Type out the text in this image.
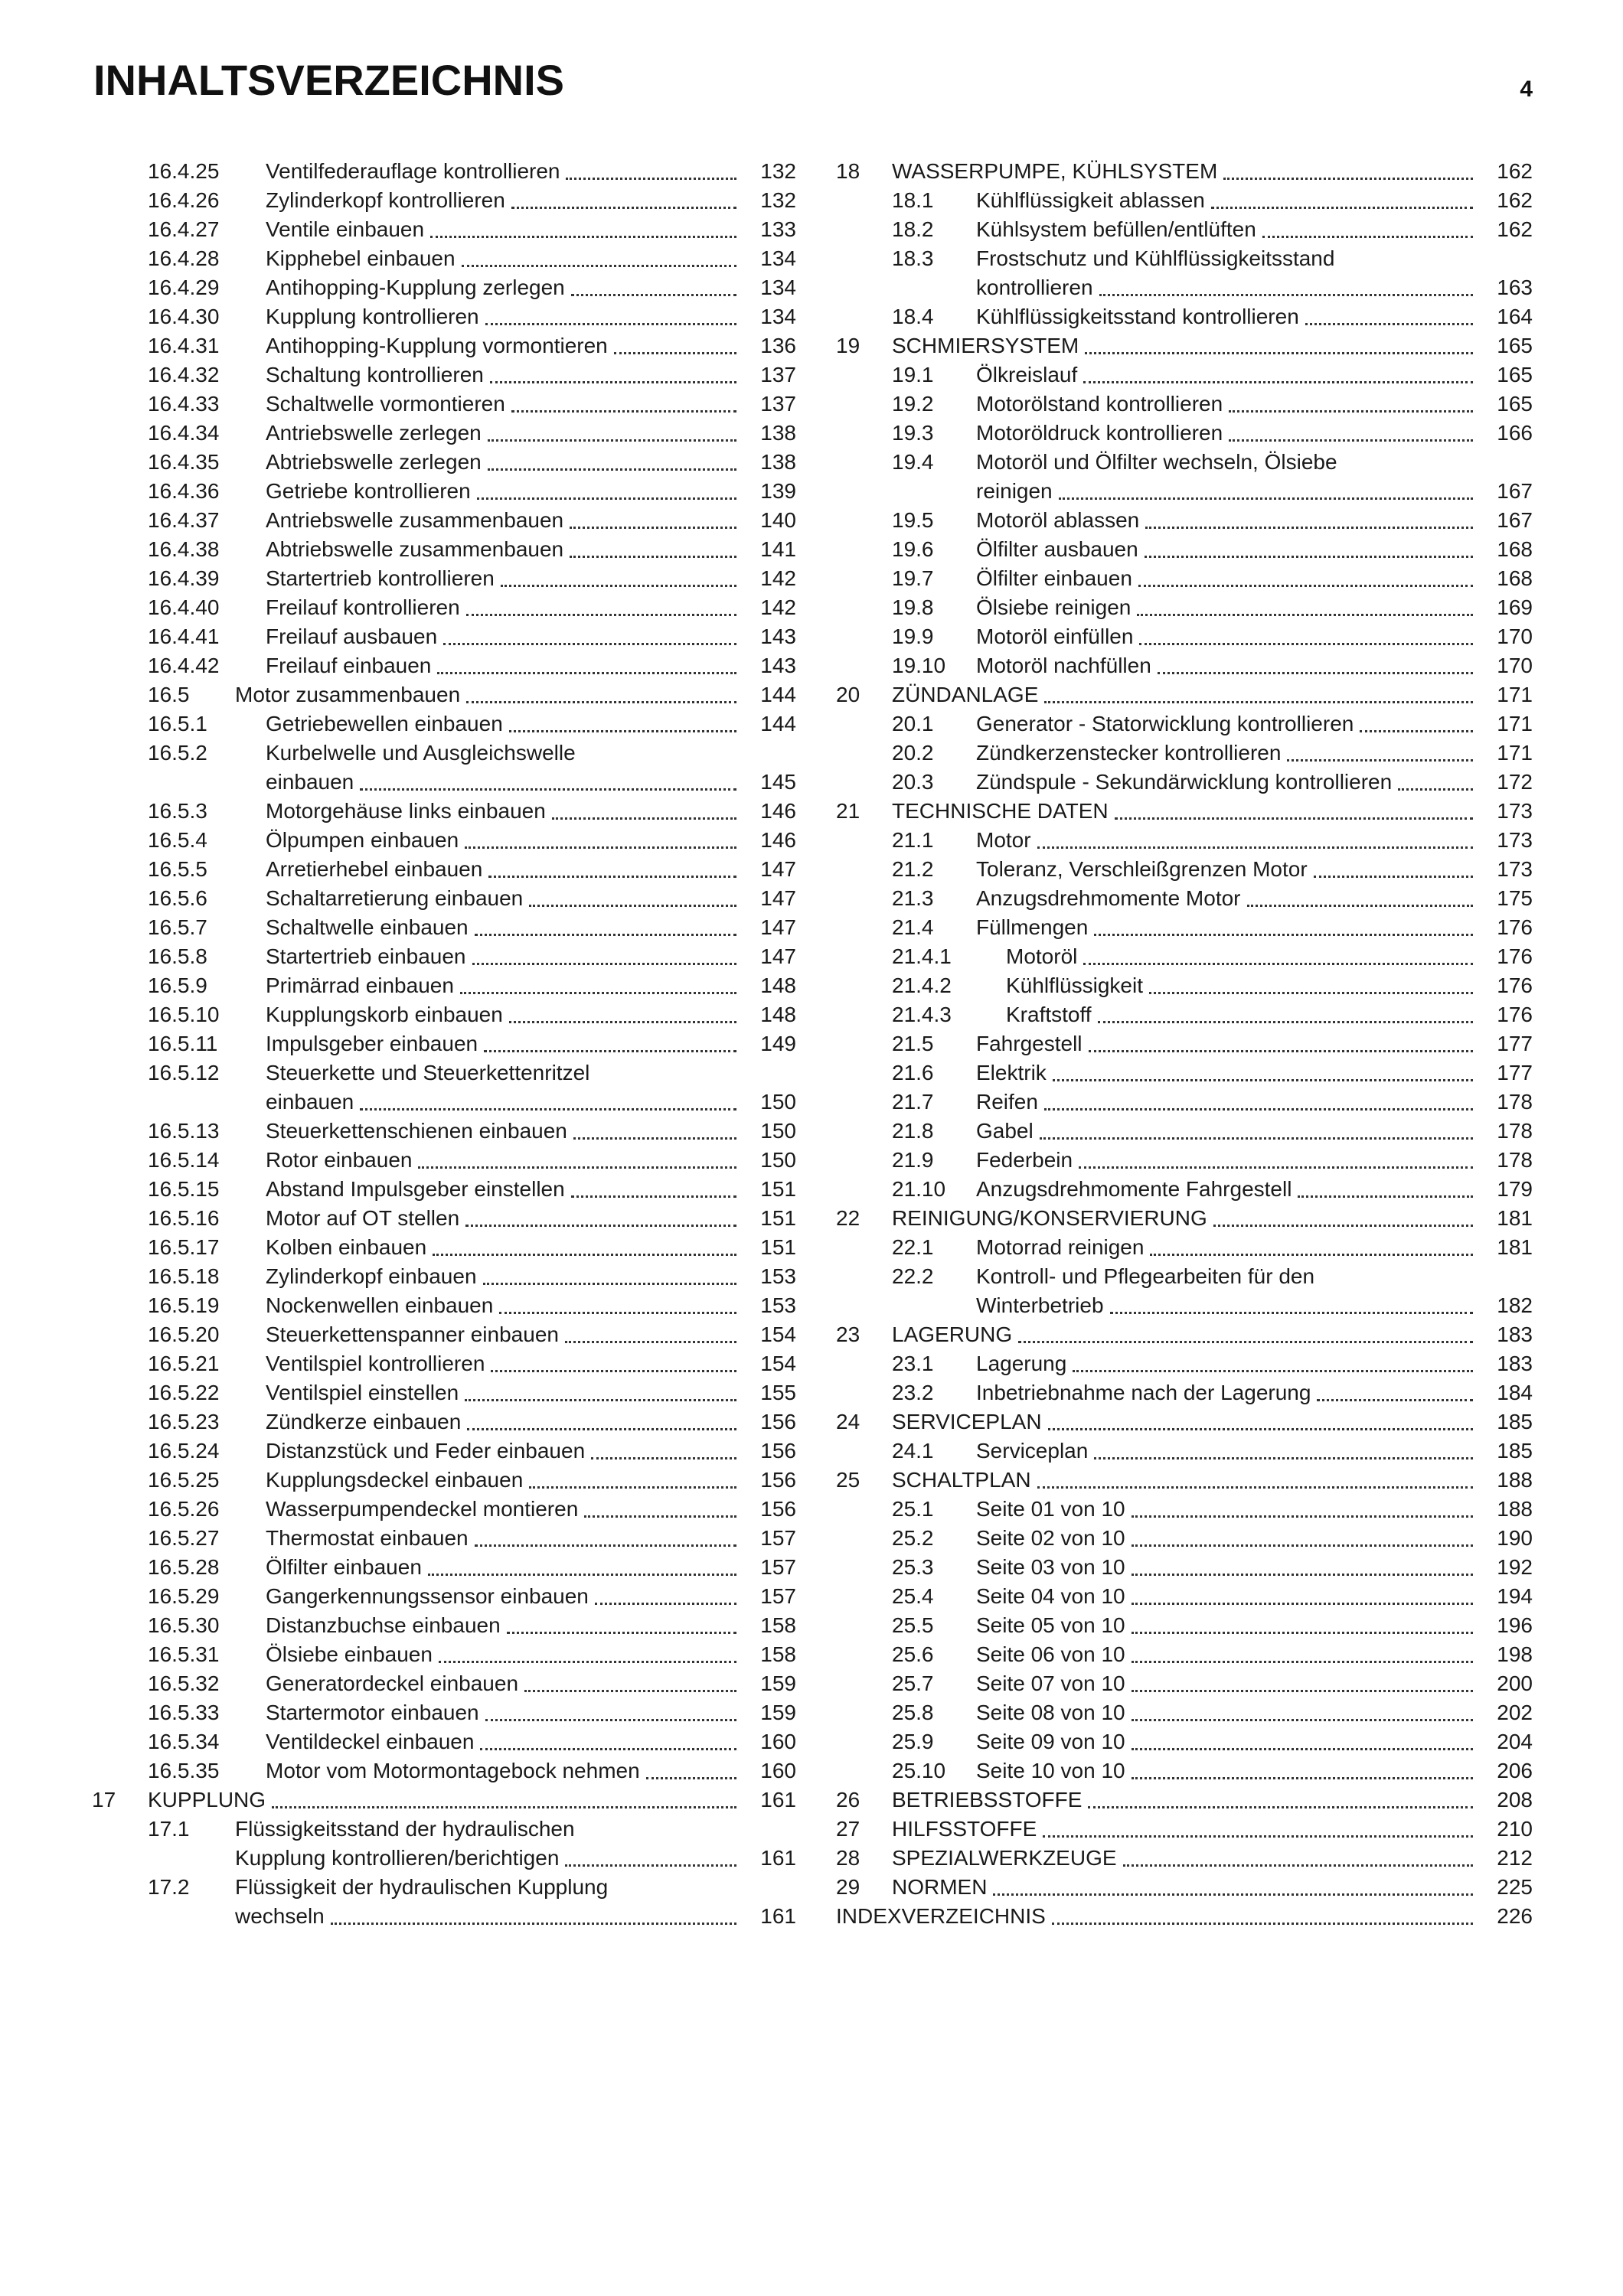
INHALTSVERZEICHNIS	4
16.4.25 Ventilfederauflage kontrollieren	132
16.4.26 Zylinderkopf kontrollieren	132
16.4.27 Ventile einbauen	133
16.4.28 Kipphebel einbauen	134
16.4.29 Antihopping-Kupplung zerlegen	134
16.4.30 Kupplung kontrollieren	134
16.4.31 Antihopping-Kupplung vormontieren	136
16.4.32 Schaltung kontrollieren	137
16.4.33 Schaltwelle vormontieren	137
16.4.34 Antriebswelle zerlegen	138
16.4.35 Abtriebswelle zerlegen	138
16.4.36 Getriebe kontrollieren	139
16.4.37 Antriebswelle zusammenbauen	140
16.4.38 Abtriebswelle zusammenbauen	141
16.4.39 Startertrieb kontrollieren	142
16.4.40 Freilauf kontrollieren	142
16.4.41 Freilauf ausbauen	143
16.4.42 Freilauf einbauen	143
16.5 Motor zusammenbauen	144
16.5.1	Getriebewellen einbauen	144
16.5.2	Kurbelwelle und Ausgleichswelle
einbauen	145
16.5.3	Motorgehäuse links einbauen	146
16.5.4	Ölpumpen einbauen	146
16.5.5	Arretierhebel einbauen	147
16.5.6	Schaltarretierung einbauen	147
16.5.7	Schaltwelle einbauen	147
16.5.8	Startertrieb einbauen	147
16.5.9	Primärrad einbauen	148
16.5.10 Kupplungskorb einbauen	148
16.5.11 Impulsgeber einbauen	149
16.5.12 Steuerkette und Steuerkettenritzel
einbauen	150
16.5.13 Steuerkettenschienen einbauen	150
16.5.14 Rotor einbauen	150
16.5.15 Abstand Impulsgeber einstellen	151
16.5.16 Motor auf OT stellen	151
16.5.17 Kolben einbauen	151
16.5.18 Zylinderkopf einbauen	153
16.5.19 Nockenwellen einbauen	153
16.5.20 Steuerkettenspanner einbauen	154
16.5.21 Ventilspiel kontrollieren	154
16.5.22 Ventilspiel einstellen	155
16.5.23 Zündkerze einbauen	156
16.5.24 Distanzstück und Feder einbauen	156
16.5.25 Kupplungsdeckel einbauen	156
16.5.26 Wasserpumpendeckel montieren	156
16.5.27 Thermostat einbauen	157
16.5.28 Ölfilter einbauen	157
16.5.29 Gangerkennungssensor einbauen	157
16.5.30 Distanzbuchse einbauen	158
16.5.31 Ölsiebe einbauen	158
16.5.32 Generatordeckel einbauen	159
16.5.33 Startermotor einbauen	159
16.5.34 Ventildeckel einbauen	160
16.5.35 Motor vom Motormontagebock nehmen	160
17 KUPPLUNG	161
17.1 Flüssigkeitsstand der hydraulischen
Kupplung kontrollieren/berichtigen	161
17.2 Flüssigkeit der hydraulischen Kupplung
wechseln	161
18 WASSERPUMPE, KÜHLSYSTEM	162
18.1 Kühlflüssigkeit ablassen	162
18.2 Kühlsystem befüllen/entlüften	162
18.3 Frostschutz und Kühlflüssigkeitsstand
kontrollieren	163
18.4 Kühlflüssigkeitsstand kontrollieren	164
19 SCHMIERSYSTEM	165
19.1 Ölkreislauf	165
19.2 Motorölstand kontrollieren	165
19.3 Motoröldruck kontrollieren	166
19.4 Motoröl und Ölfilter wechseln, Ölsiebe
reinigen	167
19.5 Motoröl ablassen	167
19.6 Ölfilter ausbauen	168
19.7 Ölfilter einbauen	168
19.8 Ölsiebe reinigen	169
19.9 Motoröl einfüllen	170
19.10 Motoröl nachfüllen	170
20 ZÜNDANLAGE	171
20.1 Generator - Statorwicklung kontrollieren	171
20.2 Zündkerzenstecker kontrollieren	171
20.3 Zündspule - Sekundärwicklung kontrollieren	172
21 TECHNISCHE DATEN	173
21.1 Motor	173
21.2 Toleranz, Verschleißgrenzen Motor	173
21.3 Anzugsdrehmomente Motor	175
21.4 Füllmengen	176
21.4.1	Motoröl	176
21.4.2	Kühlflüssigkeit	176
21.4.3	Kraftstoff	176
21.5 Fahrgestell	177
21.6 Elektrik	177
21.7 Reifen	178
21.8 Gabel	178
21.9 Federbein	178
21.10 Anzugsdrehmomente Fahrgestell	179
22 REINIGUNG/KONSERVIERUNG	181
22.1 Motorrad reinigen	181
22.2 Kontroll- und Pflegearbeiten für den
Winterbetrieb	182
23 LAGERUNG	183
23.1 Lagerung	183
23.2 Inbetriebnahme nach der Lagerung	184
24 SERVICEPLAN	185
24.1 Serviceplan	185
25 SCHALTPLAN	188
25.1 Seite 01 von 10	188
25.2 Seite 02 von 10	190
25.3 Seite 03 von 10	192
25.4 Seite 04 von 10	194
25.5 Seite 05 von 10	196
25.6 Seite 06 von 10	198
25.7 Seite 07 von 10	200
25.8 Seite 08 von 10	202
25.9 Seite 09 von 10	204
25.10 Seite 10 von 10	206
26 BETRIEBSSTOFFE	208
27 HILFSSTOFFE	210
28 SPEZIALWERKZEUGE	212
29 NORMEN	225
INDEXVERZEICHNIS	226
